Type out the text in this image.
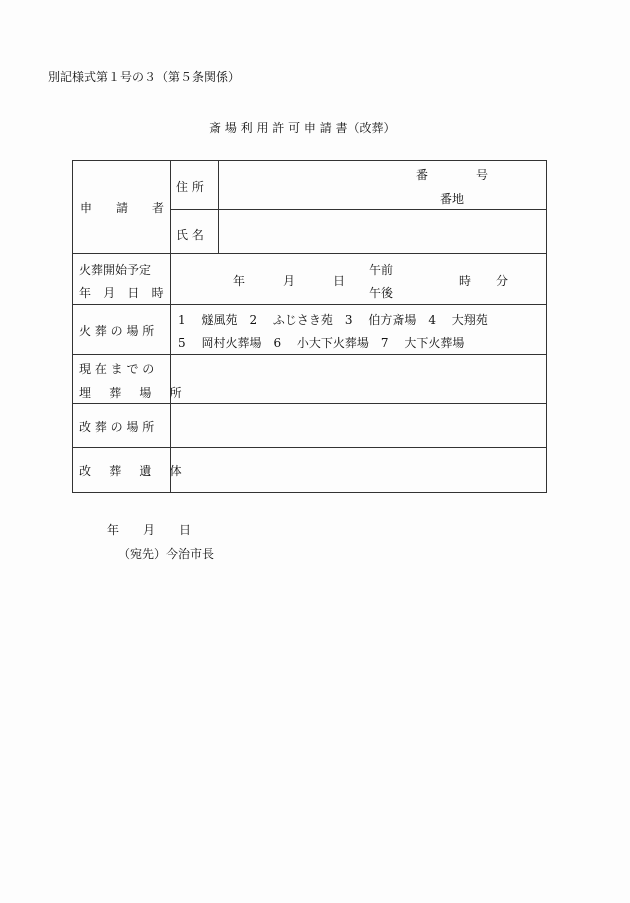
別記様式第１号の３（第５条関係）
斎 場 利 用 許 可 申 請 書（改葬）
申　　請　　者
住 所
番　　　　号
番地
氏 名
火葬開始予定
年 月 日 時
年	月	日
午前
午後
時 分
火 葬 の 場 所
1　 燧風苑　2　 ふじさき苑　3　 伯方斎場　4　 大翔苑
5　 岡村火葬場　6　 小大下火葬場　7　 大下火葬場
現 在 ま で の
埋 葬 場 所
改 葬 の 場 所
改 葬 遺 体
年　　月　　日
（宛先）今治市長
